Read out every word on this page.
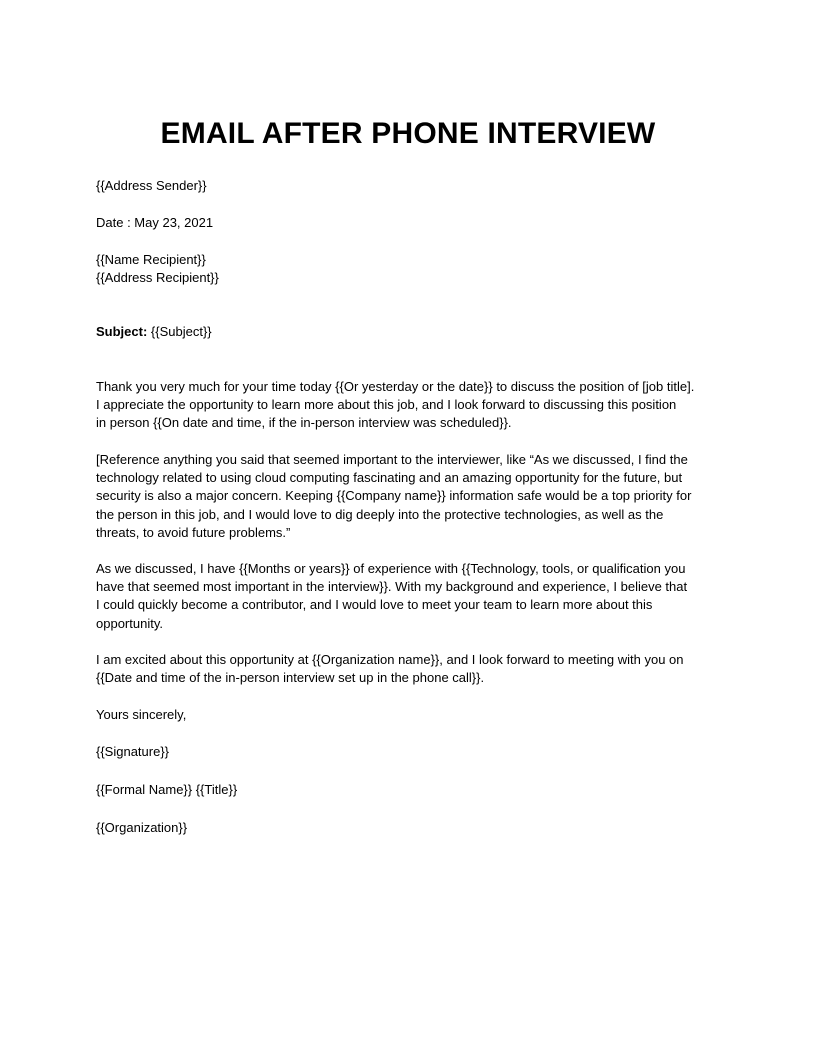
EMAIL AFTER PHONE INTERVIEW
{{Address Sender}}
Date : May 23, 2021
{{Name Recipient}}
{{Address Recipient}}
Subject: {{Subject}}
Thank you very much for your time today {{Or yesterday or the date}} to discuss the position of [job title].
I appreciate the opportunity to learn more about this job, and I look forward to discussing this position
in person {{On date and time, if the in-person interview was scheduled}}.
[Reference anything you said that seemed important to the interviewer, like “As we discussed, I find the
technology related to using cloud computing fascinating and an amazing opportunity for the future, but
security is also a major concern. Keeping {{Company name}} information safe would be a top priority for
the person in this job, and I would love to dig deeply into the protective technologies, as well as the
threats, to avoid future problems.”
As we discussed, I have {{Months or years}} of experience with {{Technology, tools, or qualification you
have that seemed most important in the interview}}. With my background and experience, I believe that
I could quickly become a contributor, and I would love to meet your team to learn more about this
opportunity.
I am excited about this opportunity at {{Organization name}}, and I look forward to meeting with you on
{{Date and time of the in-person interview set up in the phone call}}.
Yours sincerely,
{{Signature}}
{{Formal Name}} {{Title}}
{{Organization}}
